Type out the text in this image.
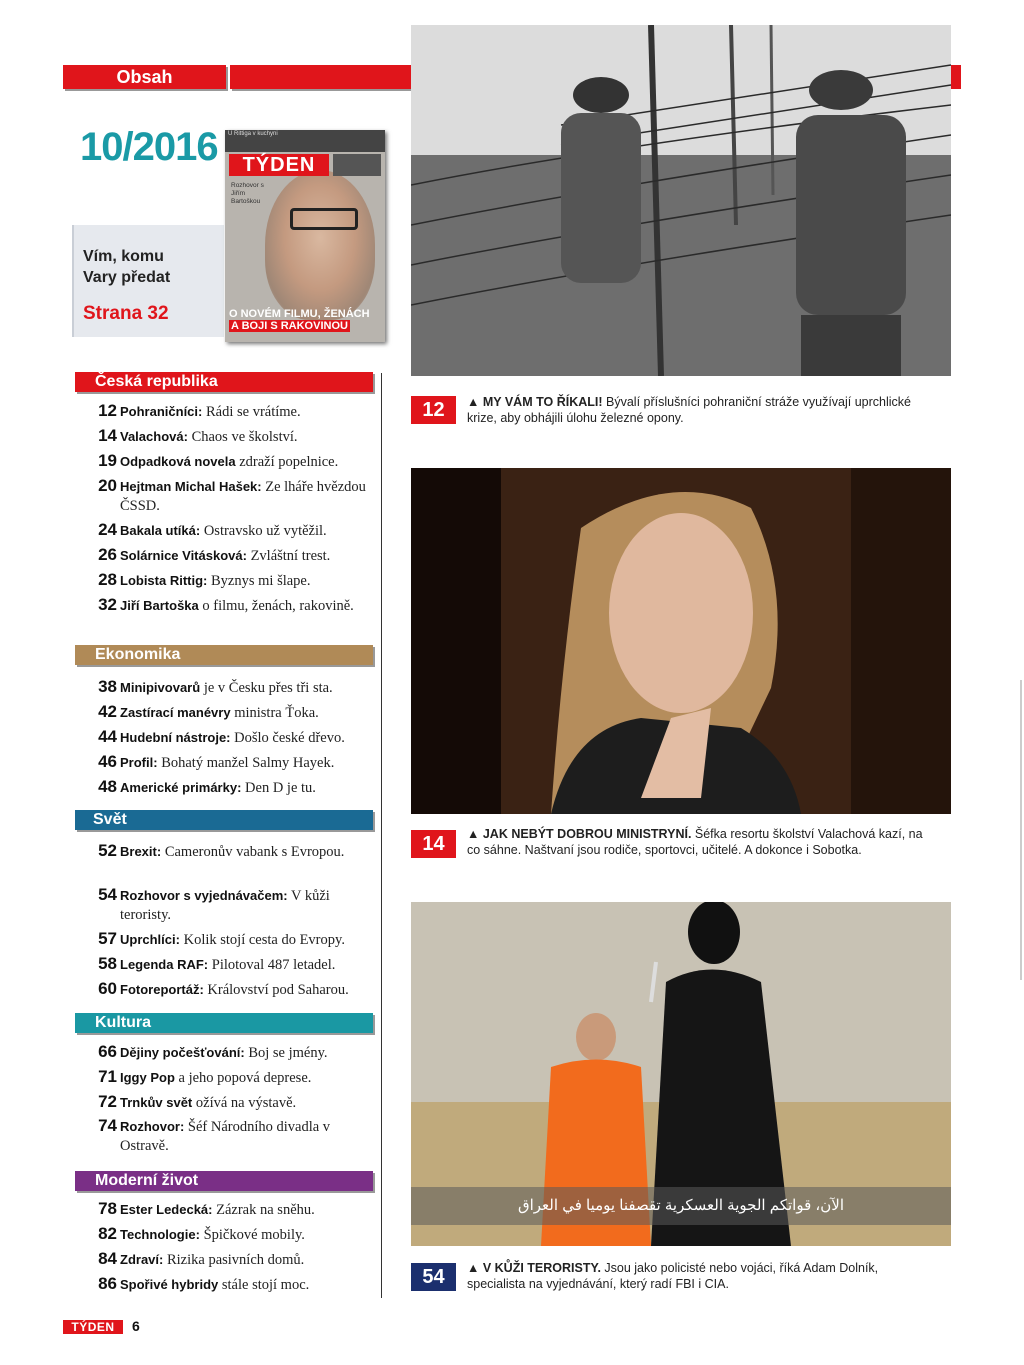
Obsah
10/2016
Vím, komu
Vary předat
Strana 32
U Rittiga v kuchyni
TÝDEN
Rozhovor s Jiřím Bartoškou
O NOVÉM FILMU, ŽENÁCH
A BOJI S RAKOVINOU
12	▲ MY VÁM TO ŘÍKALI! Bývalí příslušníci pohraniční stráže využívají uprchlické krize, aby obhájili úlohu železné opony.
14	▲ JAK NEBÝT DOBROU MINISTRYNÍ. Šéfka resortu školství Valachová kazí, na co sáhne. Naštvaní jsou rodiče, sportovci, učitelé. A dokonce i Sobotka.
الآن، قواتكم الجوية العسكرية تقصفنا يوميا في العراق
54	▲ V KŮŽI TERORISTY. Jsou jako policisté nebo vojáci, říká Adam Dolník, specialista na vyjednávání, který radí FBI i CIA.
Česká republika
12 Pohraničníci: Rádi se vrátíme.
14 Valachová: Chaos ve školství.
19 Odpadková novela zdraží popelnice.
20 Hejtman Michal Hašek: Ze lháře hvězdou ČSSD.
24 Bakala utíká: Ostravsko už vytěžil.
26 Solárnice Vitásková: Zvláštní trest.
28 Lobista Rittig: Byznys mi šlape.
32 Jiří Bartoška o filmu, ženách, rakovině.
Ekonomika
38 Minipivovarů je v Česku přes tři sta.
42 Zastírací manévry ministra Ťoka.
44 Hudební nástroje: Došlo české dřevo.
46 Profil: Bohatý manžel Salmy Hayek.
48 Americké primárky: Den D je tu.
Svět
52 Brexit: Cameronův vabank s Evropou.
54 Rozhovor s vyjednávačem: V kůži teroristy.
57 Uprchlíci: Kolik stojí cesta do Evropy.
58 Legenda RAF: Pilotoval 487 letadel.
60 Fotoreportáž: Království pod Saharou.
Kultura
66 Dějiny počešťování: Boj se jmény.
71 Iggy Pop a jeho popová deprese.
72 Trnkův svět ožívá na výstavě.
74 Rozhovor: Šéf Národního divadla v Ostravě.
Moderní život
78 Ester Ledecká: Zázrak na sněhu.
82 Technologie: Špičkové mobily.
84 Zdraví: Rizika pasivních domů.
86 Spořivé hybridy stále stojí moc.
TÝDEN	6
